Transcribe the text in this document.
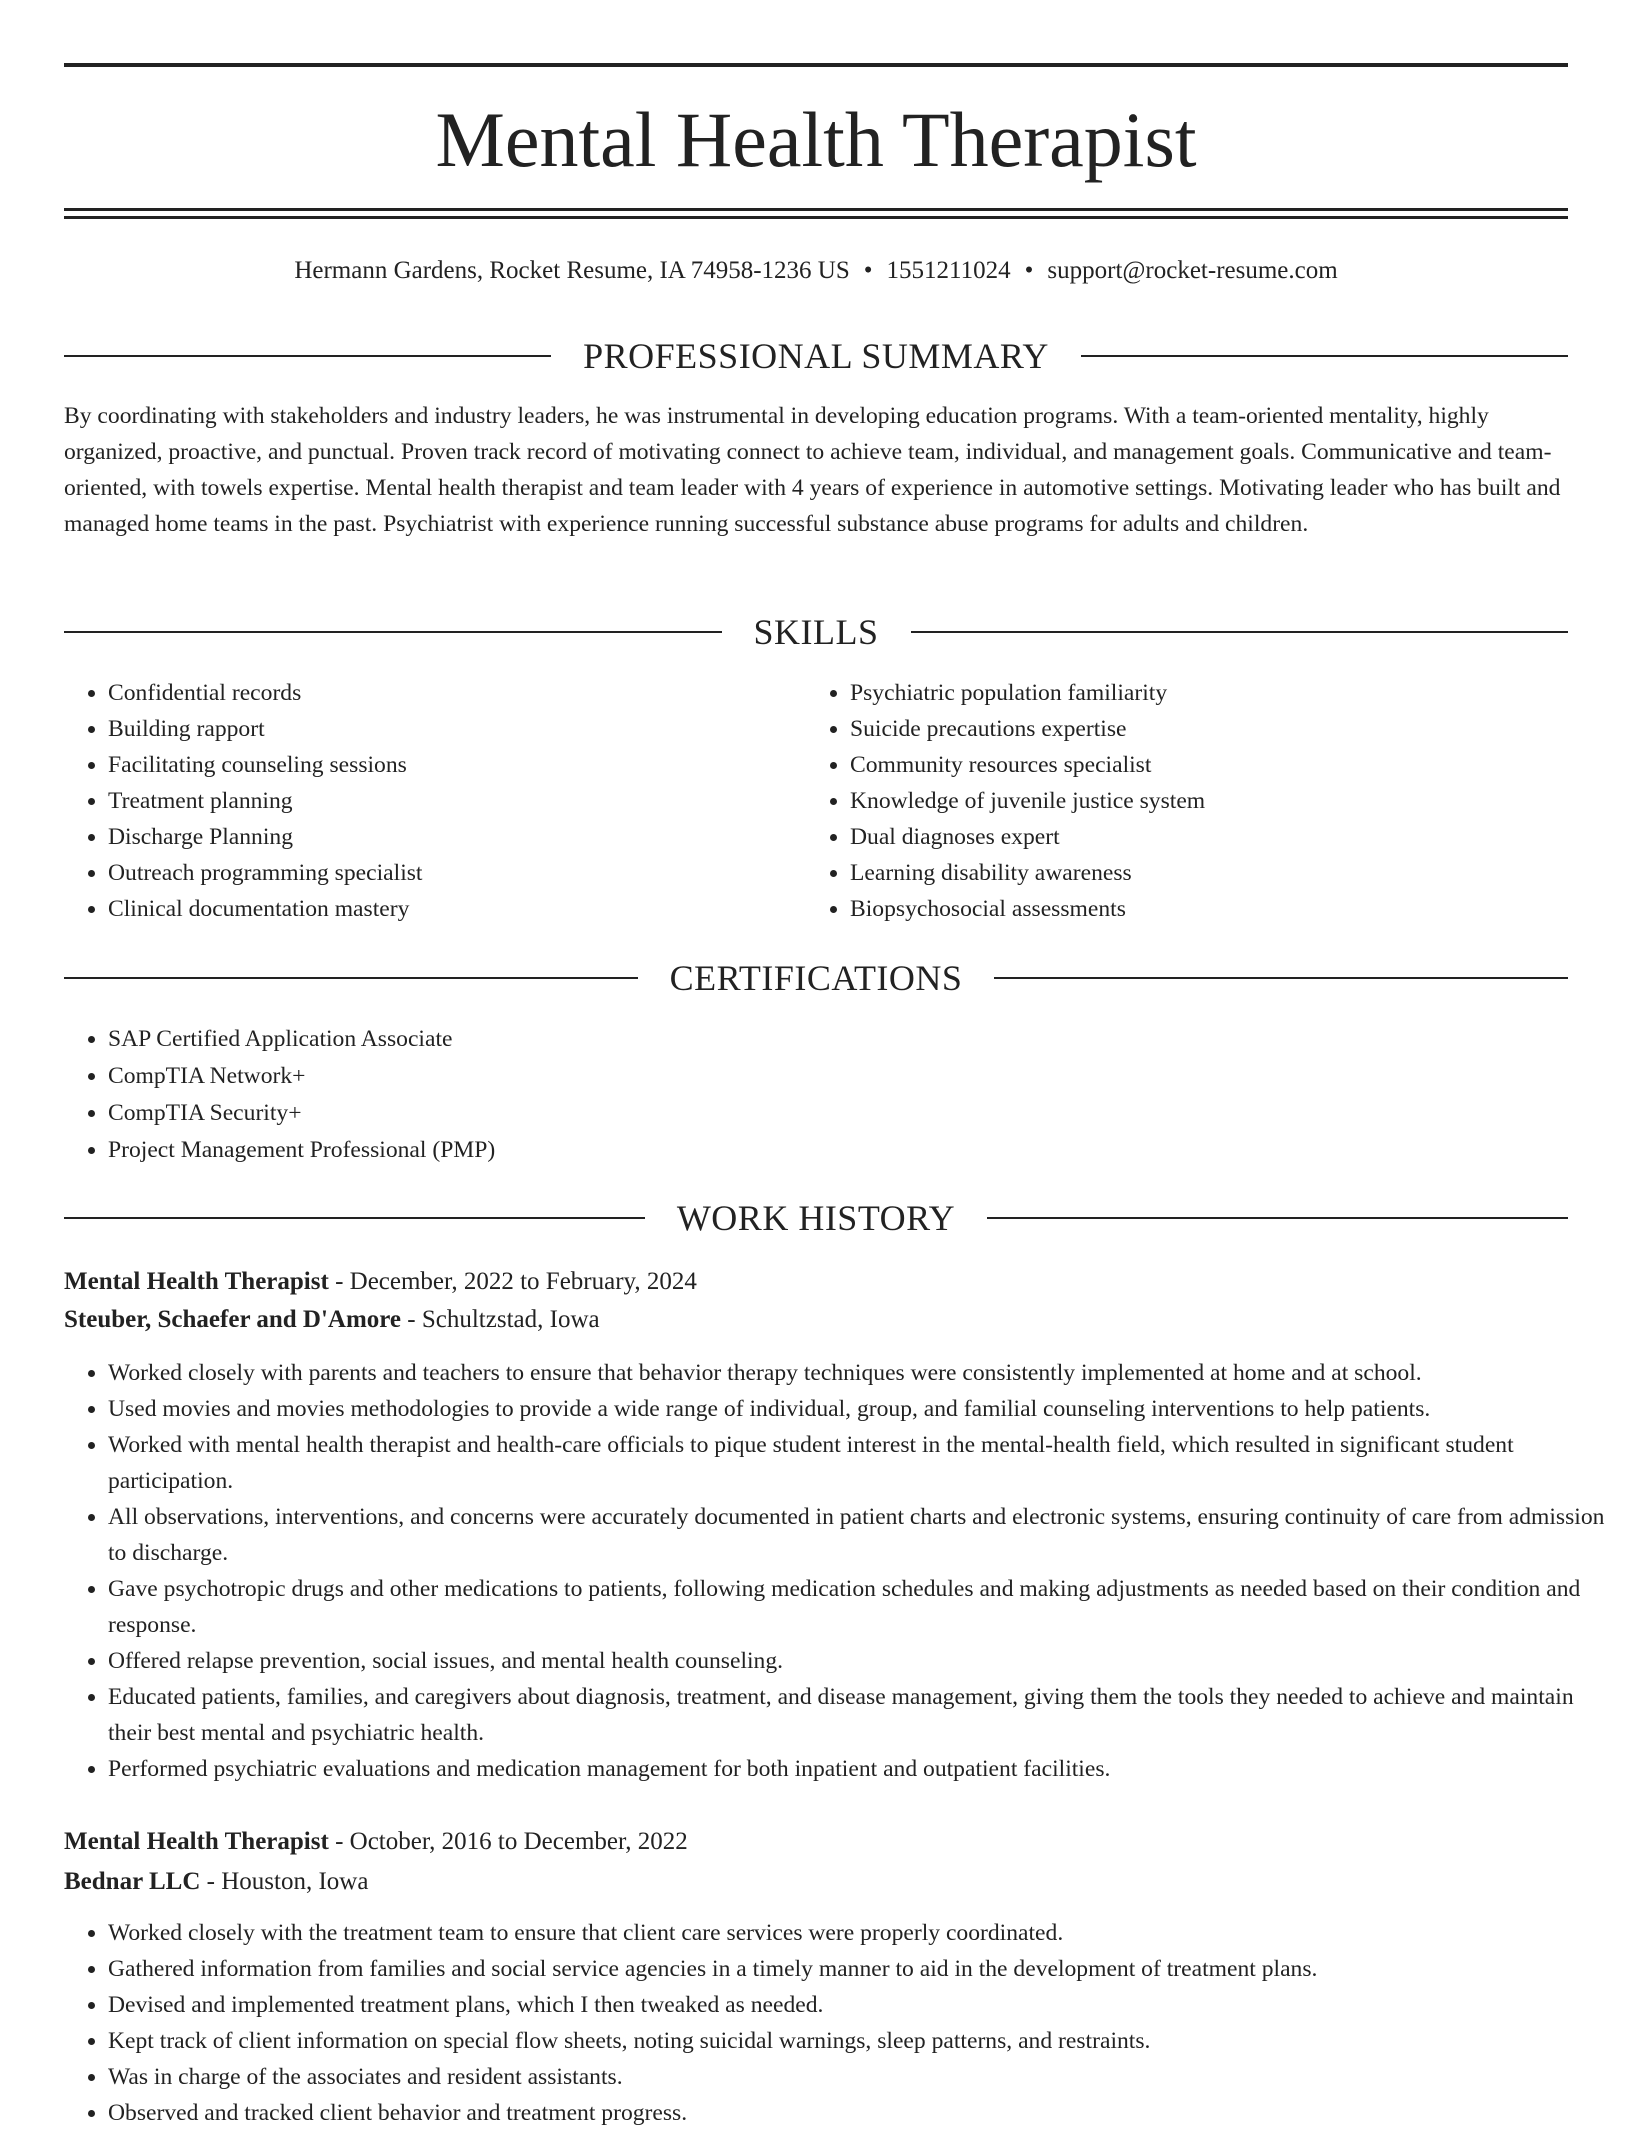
Mental Health Therapist
Hermann Gardens, Rocket Resume, IA 74958-1236 US • 1551211024 • support@rocket-resume.com
PROFESSIONAL SUMMARY

By coordinating with stakeholders and industry leaders, he was instrumental in developing education programs. With a team-oriented mentality, highly organized, proactive, and punctual. Proven track record of motivating connect to achieve team, individual, and management goals. Communicative and team-oriented, with towels expertise. Mental health therapist and team leader with 4 years of experience in automotive settings. Motivating leader who has built and managed home teams in the past. Psychiatrist with experience running successful substance abuse programs for adults and children.

SKILLS
• Confidential records
• Building rapport
• Facilitating counseling sessions
• Treatment planning
• Discharge Planning
• Outreach programming specialist
• Clinical documentation mastery
• Psychiatric population familiarity
• Suicide precautions expertise
• Community resources specialist
• Knowledge of juvenile justice system
• Dual diagnoses expert
• Learning disability awareness
• Biopsychosocial assessments
CERTIFICATIONS
• SAP Certified Application Associate
• CompTIA Network+
• CompTIA Security+
• Project Management Professional (PMP)
WORK HISTORY
Mental Health Therapist - December, 2022 to February, 2024
Steuber, Schaefer and D'Amore - Schultzstad, Iowa
• Worked closely with parents and teachers to ensure that behavior therapy techniques were consistently implemented at home and at school.
• Used movies and movies methodologies to provide a wide range of individual, group, and familial counseling interventions to help patients.
• Worked with mental health therapist and health-care officials to pique student interest in the mental-health field, which resulted in significant student participation.
• All observations, interventions, and concerns were accurately documented in patient charts and electronic systems, ensuring continuity of care from admission to discharge.
• Gave psychotropic drugs and other medications to patients, following medication schedules and making adjustments as needed based on their condition and response.
• Offered relapse prevention, social issues, and mental health counseling.
• Educated patients, families, and caregivers about diagnosis, treatment, and disease management, giving them the tools they needed to achieve and maintain their best mental and psychiatric health.
• Performed psychiatric evaluations and medication management for both inpatient and outpatient facilities.
Mental Health Therapist - October, 2016 to December, 2022
Bednar LLC - Houston, Iowa
• Worked closely with the treatment team to ensure that client care services were properly coordinated.
• Gathered information from families and social service agencies in a timely manner to aid in the development of treatment plans.
• Devised and implemented treatment plans, which I then tweaked as needed.
• Kept track of client information on special flow sheets, noting suicidal warnings, sleep patterns, and restraints.
• Was in charge of the associates and resident assistants.
• Observed and tracked client behavior and treatment progress.
